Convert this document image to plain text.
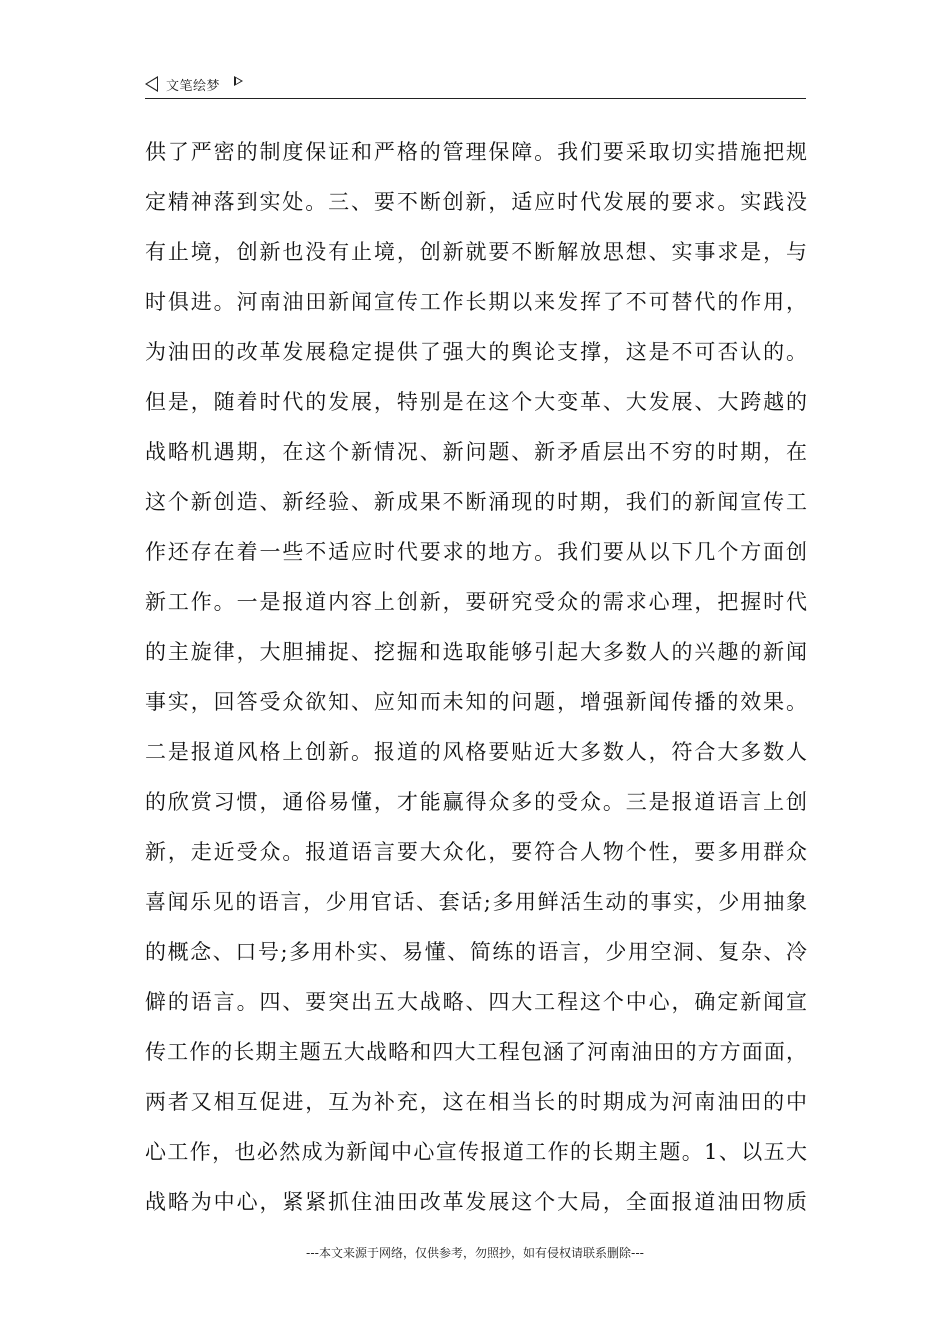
文笔绘梦
供了严密的制度保证和严格的管理保障。我们要采取切实措施把规
定精神落到实处。三、要不断创新，适应时代发展的要求。实践没
有止境，创新也没有止境，创新就要不断解放思想、实事求是，与
时俱进。河南油田新闻宣传工作长期以来发挥了不可替代的作用，
为油田的改革发展稳定提供了强大的舆论支撑，这是不可否认的。
但是，随着时代的发展，特别是在这个大变革、大发展、大跨越的
战略机遇期，在这个新情况、新问题、新矛盾层出不穷的时期，在
这个新创造、新经验、新成果不断涌现的时期，我们的新闻宣传工
作还存在着一些不适应时代要求的地方。我们要从以下几个方面创
新工作。一是报道内容上创新，要研究受众的需求心理，把握时代
的主旋律，大胆捕捉、挖掘和选取能够引起大多数人的兴趣的新闻
事实，回答受众欲知、应知而未知的问题，增强新闻传播的效果。
二是报道风格上创新。报道的风格要贴近大多数人，符合大多数人
的欣赏习惯，通俗易懂，才能赢得众多的受众。三是报道语言上创
新，走近受众。报道语言要大众化，要符合人物个性，要多用群众
喜闻乐见的语言，少用官话、套话;多用鲜活生动的事实，少用抽象
的概念、口号;多用朴实、易懂、简练的语言，少用空洞、复杂、冷
僻的语言。四、要突出五大战略、四大工程这个中心，确定新闻宣
传工作的长期主题五大战略和四大工程包涵了河南油田的方方面面，
两者又相互促进，互为补充，这在相当长的时期成为河南油田的中
心工作，也必然成为新闻中心宣传报道工作的长期主题。1、以五大
战略为中心，紧紧抓住油田改革发展这个大局，全面报道油田物质
---本文来源于网络，仅供参考，勿照抄，如有侵权请联系删除---
